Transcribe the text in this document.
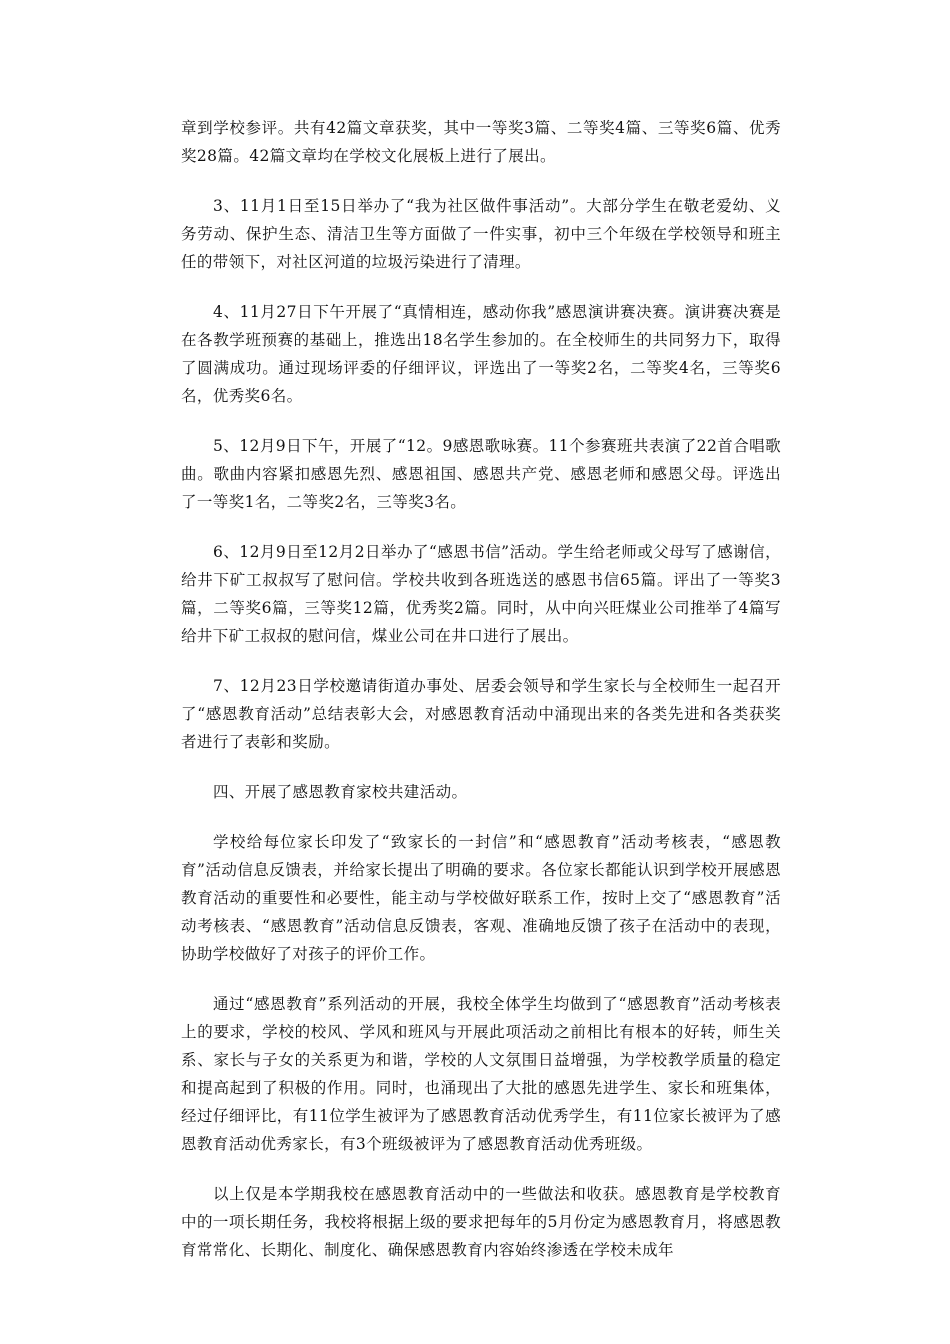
章到学校参评。共有42篇文章获奖，其中一等奖3篇、二等奖4篇、三等奖6篇、优秀奖28篇。42篇文章均在学校文化展板上进行了展出。

3、11月1日至15日举办了“我为社区做件事活动”。大部分学生在敬老爱幼、义务劳动、保护生态、清洁卫生等方面做了一件实事，初中三个年级在学校领导和班主任的带领下，对社区河道的垃圾污染进行了清理。

4、11月27日下午开展了“真情相连，感动你我”感恩演讲赛决赛。演讲赛决赛是在各教学班预赛的基础上，推选出18名学生参加的。在全校师生的共同努力下，取得了圆满成功。通过现场评委的仔细评议，评选出了一等奖2名，二等奖4名，三等奖6名，优秀奖6名。

5、12月9日下午，开展了“12。9感恩歌咏赛。11个参赛班共表演了22首合唱歌曲。歌曲内容紧扣感恩先烈、感恩祖国、感恩共产党、感恩老师和感恩父母。评选出了一等奖1名，二等奖2名，三等奖3名。

6、12月9日至12月2日举办了“感恩书信”活动。学生给老师或父母写了感谢信，给井下矿工叔叔写了慰问信。学校共收到各班选送的感恩书信65篇。评出了一等奖3篇，二等奖6篇，三等奖12篇，优秀奖2篇。同时，从中向兴旺煤业公司推举了4篇写给井下矿工叔叔的慰问信，煤业公司在井口进行了展出。

7、12月23日学校邀请街道办事处、居委会领导和学生家长与全校师生一起召开了“感恩教育活动”总结表彰大会，对感恩教育活动中涌现出来的各类先进和各类获奖者进行了表彰和奖励。

四、开展了感恩教育家校共建活动。

学校给每位家长印发了“致家长的一封信”和“感恩教育”活动考核表，“感恩教育”活动信息反馈表，并给家长提出了明确的要求。各位家长都能认识到学校开展感恩教育活动的重要性和必要性，能主动与学校做好联系工作，按时上交了“感恩教育”活动考核表、“感恩教育”活动信息反馈表，客观、准确地反馈了孩子在活动中的表现，协助学校做好了对孩子的评价工作。

通过“感恩教育”系列活动的开展，我校全体学生均做到了“感恩教育”活动考核表上的要求，学校的校风、学风和班风与开展此项活动之前相比有根本的好转，师生关系、家长与子女的关系更为和谐，学校的人文氛围日益增强，为学校教学质量的稳定和提高起到了积极的作用。同时，也涌现出了大批的感恩先进学生、家长和班集体，经过仔细评比，有11位学生被评为了感恩教育活动优秀学生，有11位家长被评为了感恩教育活动优秀家长，有3个班级被评为了感恩教育活动优秀班级。

以上仅是本学期我校在感恩教育活动中的一些做法和收获。感恩教育是学校教育中的一项长期任务，我校将根据上级的要求把每年的5月份定为感恩教育月，将感恩教育常常化、长期化、制度化、确保感恩教育内容始终渗透在学校未成年
